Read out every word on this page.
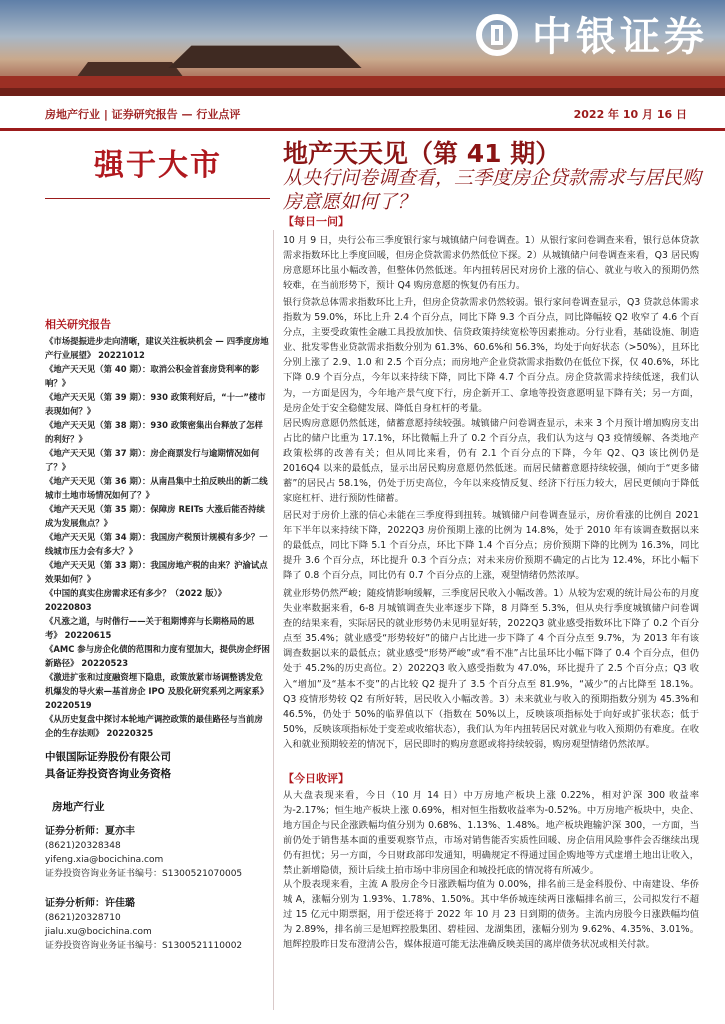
中银证券
房地产行业 | 证券研究报告 — 行业点评	2022 年 10 月 16 日
强于大市 地产天天见（第 41 期）
从央行问卷调查看，三季度房企贷款需求与居民购房意愿如何了？
【每日一问】
10 月 9 日，央行公布三季度银行家与城镇储户问卷调查。1）从银行家问卷调查来看，银行总体贷款需求指数环比上季度回暖，但房企贷款需求仍然低位下探。2）从城镇储户问卷调查来看，Q3 居民购房意愿环比虽小幅改善，但整体仍然低迷。年内扭转居民对房价上涨的信心、就业与收入的预期仍然较难，在当前形势下，预计 Q4 购房意愿的恢复仍有压力。
银行贷款总体需求指数环比上升，但房企贷款需求仍然较弱。银行家问卷调查显示，Q3 贷款总体需求指数为 59.0%，环比上升 2.4 个百分点，同比下降 9.3 个百分点，同比降幅较 Q2 收窄了 4.6 个百分点，主要受政策性金融工具投放加快、信贷政策持续宽松等因素推动。分行业看，基础设施、制造业、批发零售业贷款需求指数分别为 61.3%、60.6%和 56.3%，均处于向好状态（>50%），且环比分别上涨了 2.9、1.0 和 2.5 个百分点；而房地产企业贷款需求指数仍在低位下探，仅 40.6%，环比下降 0.9 个百分点，今年以来持续下降，同比下降 4.7 个百分点。房企贷款需求持续低迷，我们认为，一方面是因为，今年地产景气度下行，房企新开工、拿地等投资意愿明显下降有关；另一方面，是房企处于安全稳健发展、降低自身杠杆的考量。
居民购房意愿仍然低迷，储蓄意愿持续较强。城镇储户问卷调查显示，未来 3 个月预计增加购房支出占比的储户比重为 17.1%，环比微幅上升了 0.2 个百分点，我们认为这与 Q3 疫情缓解、各类地产政策松绑的改善有关；但从同比来看，仍有 2.1 个百分点的下降，今年 Q2、Q3 该比例仍是 2016Q4 以来的最低点，显示出居民购房意愿仍然低迷。而居民储蓄意愿持续较强，倾向于“更多储蓄”的居民占 58.1%，仍处于历史高位，今年以来疫情反复、经济下行压力较大，居民更倾向于降低家庭杠杆、进行预防性储蓄。
居民对于房价上涨的信心未能在三季度得到扭转。城镇储户问卷调查显示，房价看涨的比例自 2021 年下半年以来持续下降，2022Q3 房价预期上涨的比例为 14.8%，处于 2010 年有该调查数据以来的最低点，同比下降 5.1 个百分点，环比下降 1.4 个百分点；房价预期下降的比例为 16.3%，同比提升 3.6 个百分点，环比提升 0.3 个百分点；对未来房价预期不确定的占比为 12.4%，环比小幅下降了 0.8 个百分点，同比仍有 0.7 个百分点的上涨，观望情绪仍然浓厚。
就业形势仍然严峻；随疫情影响缓解，三季度居民收入小幅改善。1）从较为宏观的统计局公布的月度失业率数据来看，6-8 月城镇调查失业率逐步下降，8 月降至 5.3%，但从央行季度城镇储户问卷调查的结果来看，实际居民的就业形势仍未见明显好转，2022Q3 就业感受指数环比下降了 0.2 个百分点至 35.4%；就业感受“形势较好”的储户占比进一步下降了 4 个百分点至 9.7%，为 2013 年有该调查数据以来的最低点；就业感受“形势严峻”或“看不准”占比虽环比小幅下降了 0.4 个百分点，但仍处于 45.2%的历史高位。2）2022Q3 收入感受指数为 47.0%，环比提升了 2.5 个百分点；Q3 收入“增加”及“基本不变”的占比较 Q2 提升了 3.5 个百分点至 81.9%，“减少”的占比降至 18.1%。Q3 疫情形势较 Q2 有所好转，居民收入小幅改善。3）未来就业与收入的预期指数分别为 45.3%和 46.5%，仍处于 50%的临界值以下（指数在 50%以上，反映该项指标处于向好或扩张状态；低于 50%，反映该项指标处于变差或收缩状态），我们认为年内扭转居民对就业与收入预期仍有难度。在收入和就业预期较差的情况下，居民即时的购房意愿或将持续较弱，购房观望情绪仍然浓厚。
【今日收评】
从大盘表现来看，今日（10 月 14 日）中万房地产板块上涨 0.22%，相对沪深 300 收益率为-2.17%；恒生地产板块上涨 0.69%，相对恒生指数收益率为-0.52%。中万房地产板块中，央企、地方国企与民企涨跌幅均值分别为 0.68%、1.13%、1.48%。地产板块跑输沪深 300，一方面，当前仍处于销售基本面的重要观察节点，市场对销售能否实质性回暖、房企信用风险事件会否继续出现仍有担忧；另一方面，今日财政部印发通知，明确规定不得通过国企购地等方式虚增土地出让收入，禁止新增隐债，预计后续土拍市场中非房国企和城投托底的情况将有所减少。
从个股表现来看，主流 A 股房企今日涨跌幅均值为 0.00%，排名前三是金科股份、中南建设、华侨城 A，涨幅分别为 1.93%、1.78%、1.50%。其中华侨城连续两日涨幅排名前三，公司拟发行不超过 15 亿元中期票据，用于偿还将于 2022 年 10 月 23 日到期的债务。主流内房股今日涨跌幅均值为 2.89%，排名前三是旭辉控股集团、碧桂园、龙湖集团，涨幅分别为 9.62%、4.35%、3.01%。旭辉控股昨日发布澄清公告，媒体报道可能无法准确反映美国的离岸债务状况或相关付款。
相关研究报告
《市场提振进步走向清晰，建议关注板块机会 — 四季度房地产行业展望》 20221012
《地产天天见（第 40 期）：取消公积金首套房贷利率的影响？》
《地产天天见（第 39 期）：930 政策利好后，“十一”楼市表现如何？》
《地产天天见（第 38 期）：930 政策密集出台释放了怎样的利好？》
《地产天天见（第 37 期）：房企商票发行与逾期情况如何了？》
《地产天天见（第 36 期）：从南昌集中土拍反映出的新二线城市土地市场情况如何了？》
《地产天天见（第 35 期）：保障房 REITs 大涨后能否持续成为发展焦点？》
《地产天天见（第 34 期）：我国房产税预计规模有多少？一线城市压力会有多大？》
《地产天天见（第 33 期）：我国房地产税的由来？沪渝试点效果如何？》
《中国的真实住房需求还有多少？（2022 版）》 20220803
《凡涨之道，与时偕行——关于租期博弈与长期格局的思考》 20220615
《AMC 参与房企化债的范围和力度有望加大，提供房企纾困新路径》 20220523
《激进扩张和过度融资埋下隐患，政策放紧市场调整诱发危机爆发的导火索—基首房企 IPO 及股化研究系列之两家系》 20220519
《从历史复盘中探讨本轮地产调控政策的最佳路径与当前房企的生存法则》 20220325
中银国际证券股份有限公司
具备证券投资咨询业务资格
房地产行业
证券分析师：夏亦丰
(8621)20328348
yifeng.xia@bocichina.com
证券投资咨询业务证书编号：S1300521070005
证券分析师：许佳璐
(8621)20328710
jialu.xu@bocichina.com
证券投资咨询业务证书编号：S1300521110002
